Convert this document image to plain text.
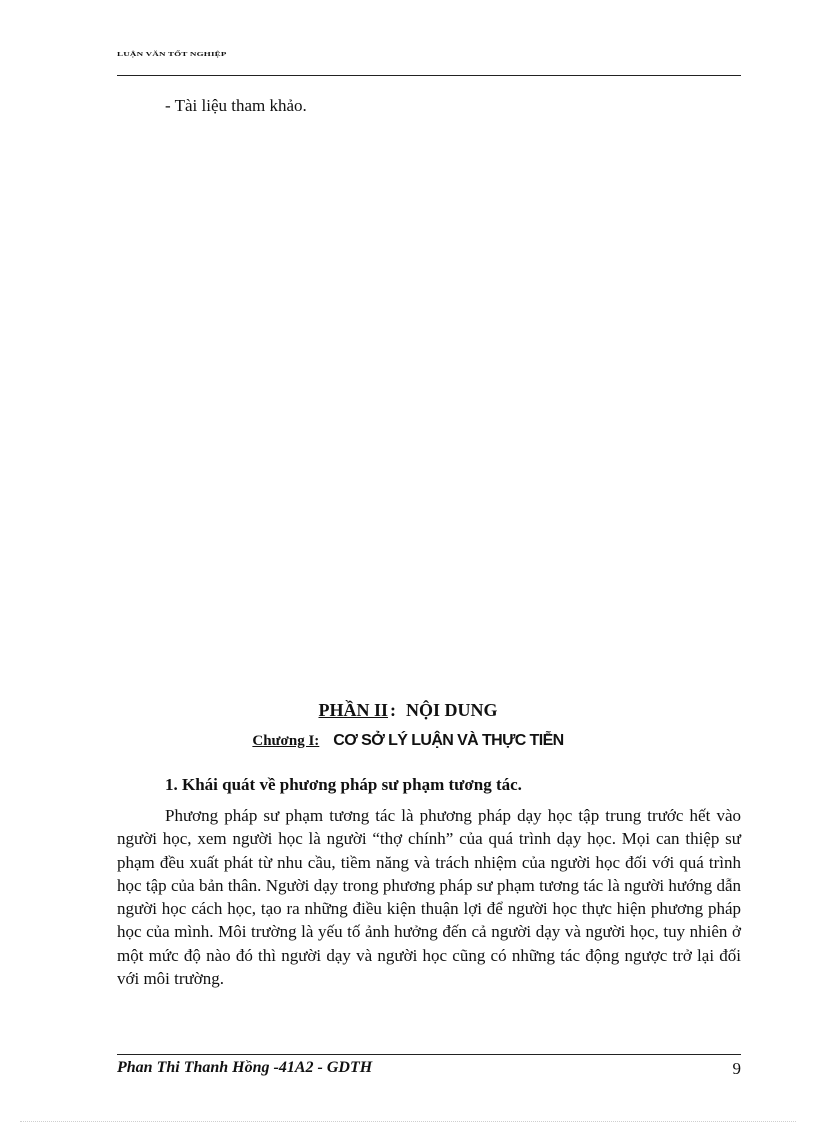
LUẬN VĂN TỐT NGHIỆP
- Tài liệu tham khảo.
PHẦN II : NỘI DUNG
Chương I: CƠ SỞ LÝ LUẬN VÀ THỰC TIỄN
1. Khái quát về phương pháp sư phạm tương tác.

Phương pháp sư phạm tương tác là phương pháp dạy học tập trung trước hết vào người học, xem người học là người “thợ chính” của quá trình dạy học. Mọi can thiệp sư phạm đều xuất phát từ nhu cầu, tiềm năng và trách nhiệm của người học đối với quá trình học tập của bản thân. Người dạy trong phương pháp sư phạm tương tác là người hướng dẫn người học cách học, tạo ra những điều kiện thuận lợi để người học thực hiện phương pháp học của mình. Môi trường là yếu tố ảnh hưởng đến cả người dạy và người học, tuy nhiên ở một mức độ nào đó thì người dạy và người học cũng có những tác động ngược trở lại đối với môi trường.

Phan Thi Thanh Hồng -41A2 - GDTH	9
